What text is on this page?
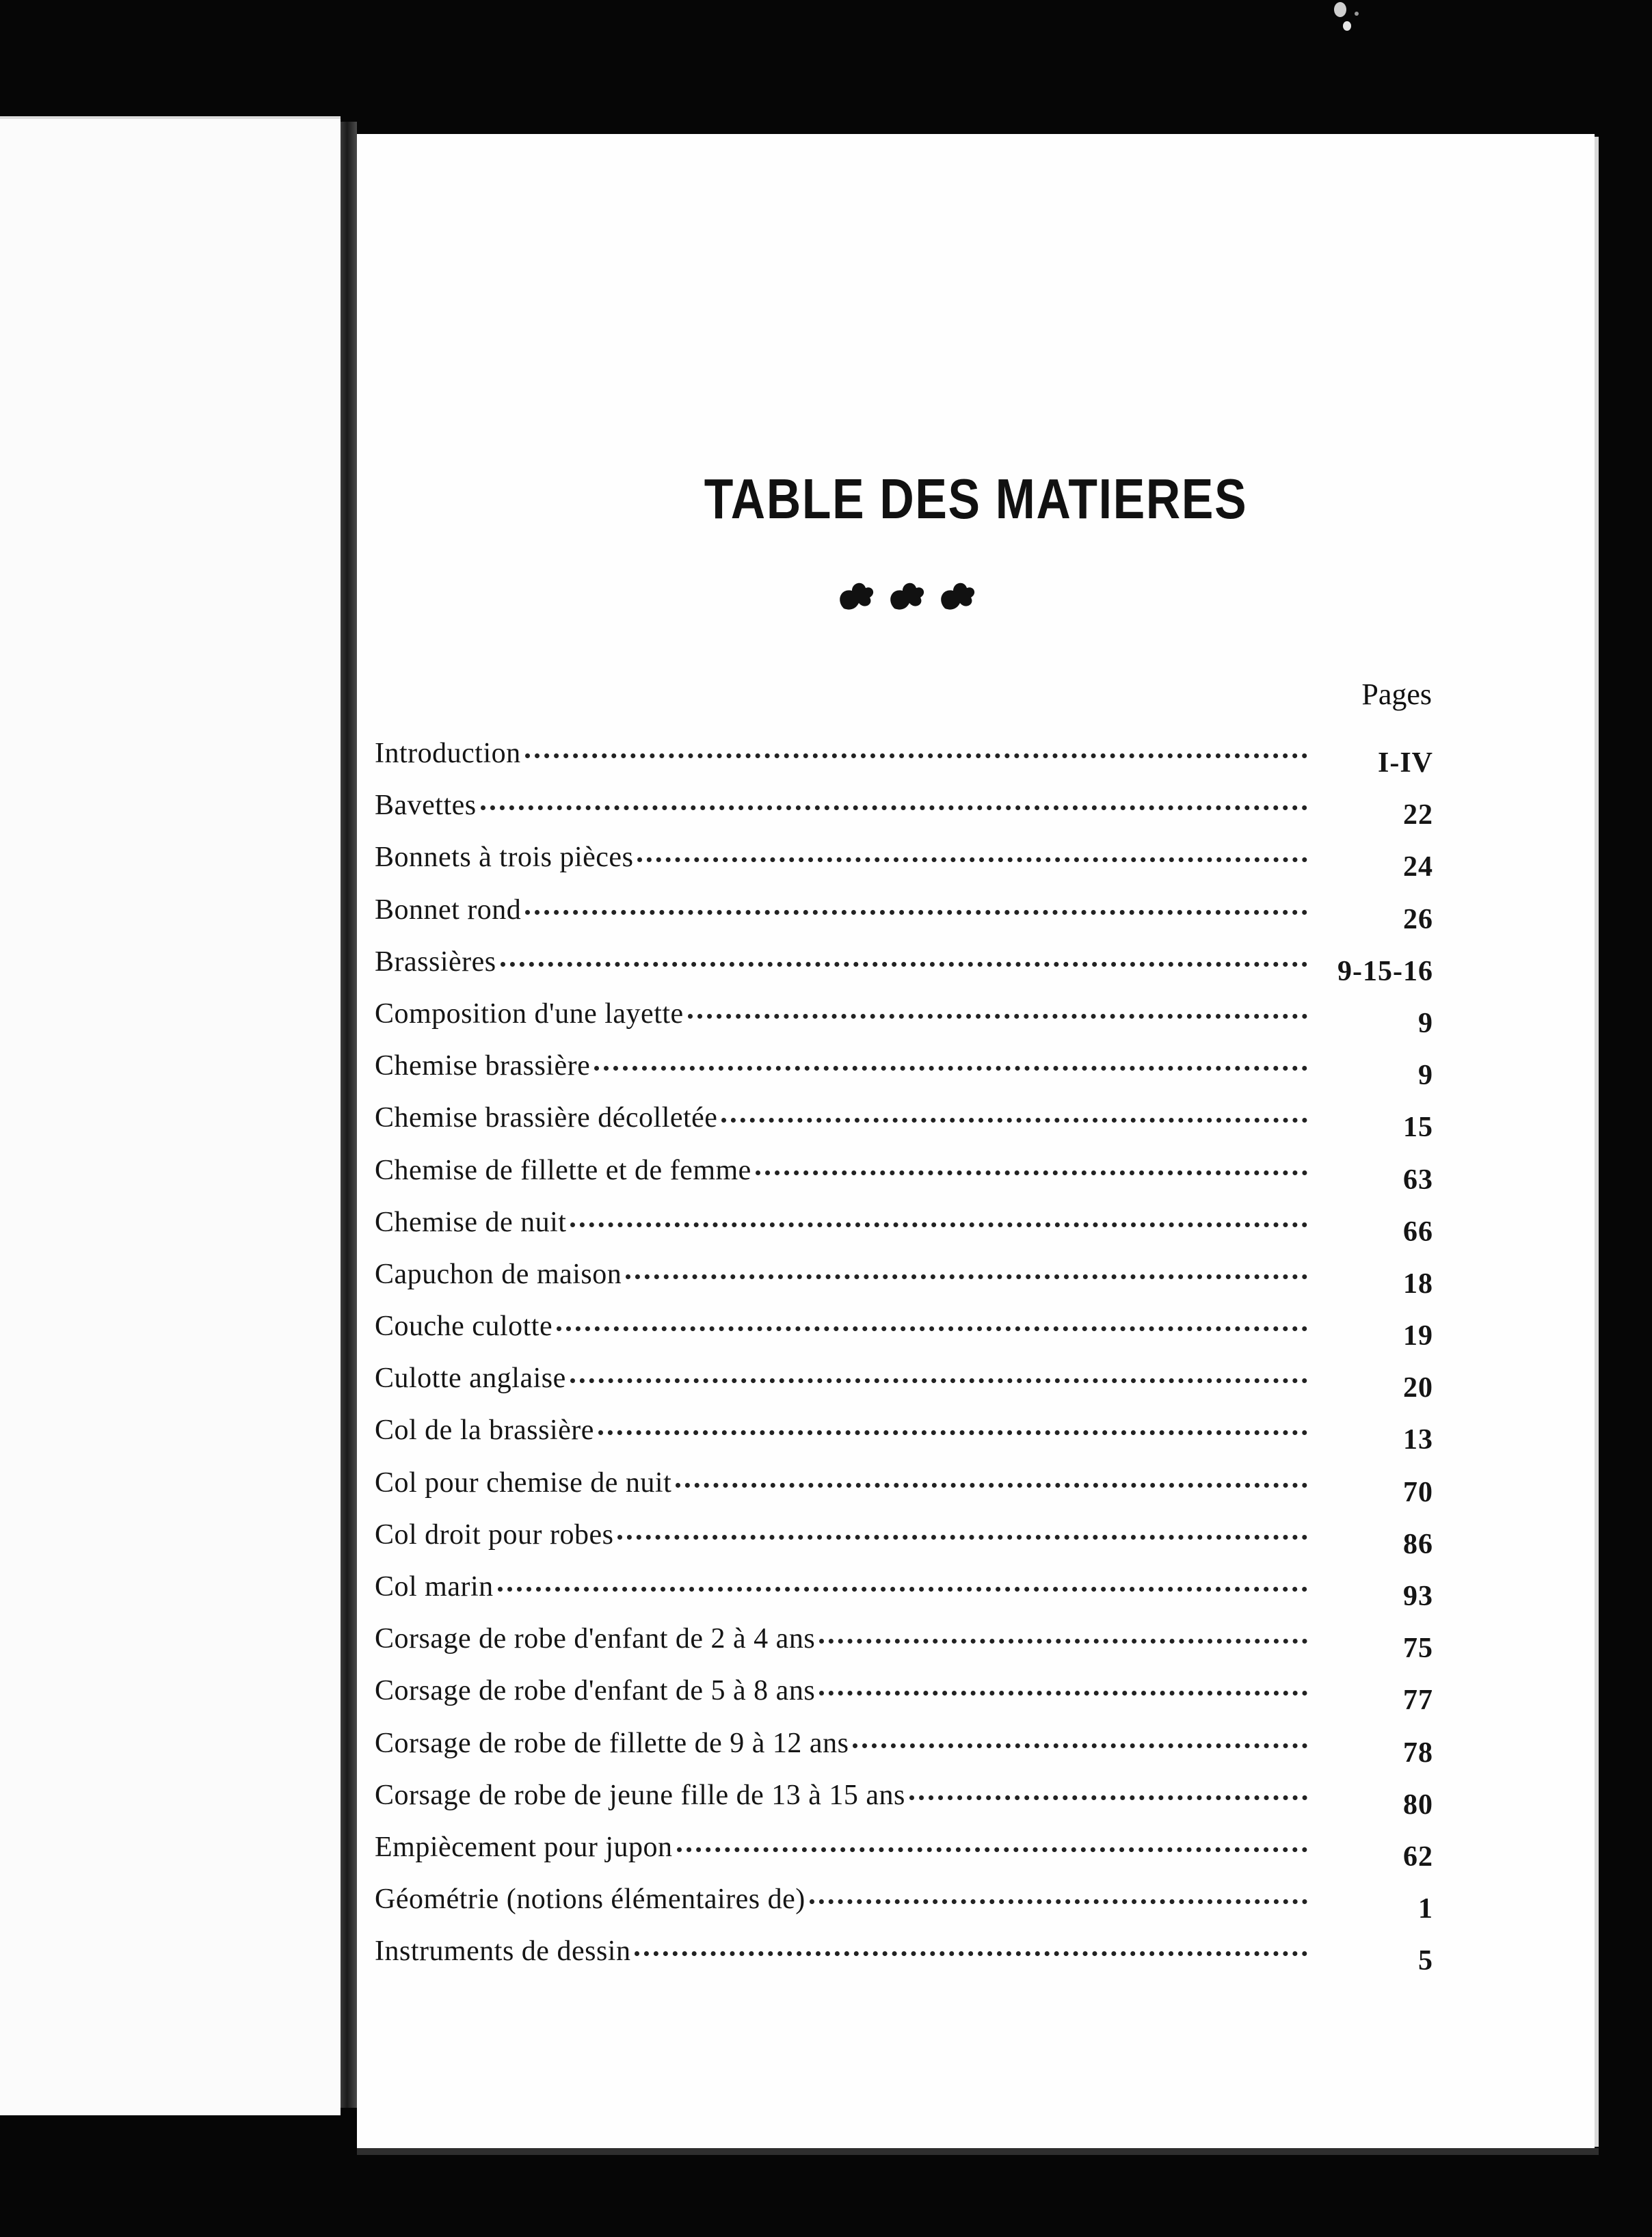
TABLE DES MATIERES
Pages
Introduction	I-IV
Bavettes	22
Bonnets à trois pièces	24
Bonnet rond	26
Brassières	9-15-16
Composition d'une layette	9
Chemise brassière	9
Chemise brassière décolletée	15
Chemise de fillette et de femme	63
Chemise de nuit	66
Capuchon de maison	18
Couche culotte	19
Culotte anglaise	20
Col de la brassière	13
Col pour chemise de nuit	70
Col droit pour robes	86
Col marin	93
Corsage de robe d'enfant de 2 à 4 ans	75
Corsage de robe d'enfant de 5 à 8 ans	77
Corsage de robe de fillette de 9 à 12 ans	78
Corsage de robe de jeune fille de 13 à 15 ans	80
Empiècement pour jupon	62
Géométrie (notions élémentaires de)	1
Instruments de dessin	5
